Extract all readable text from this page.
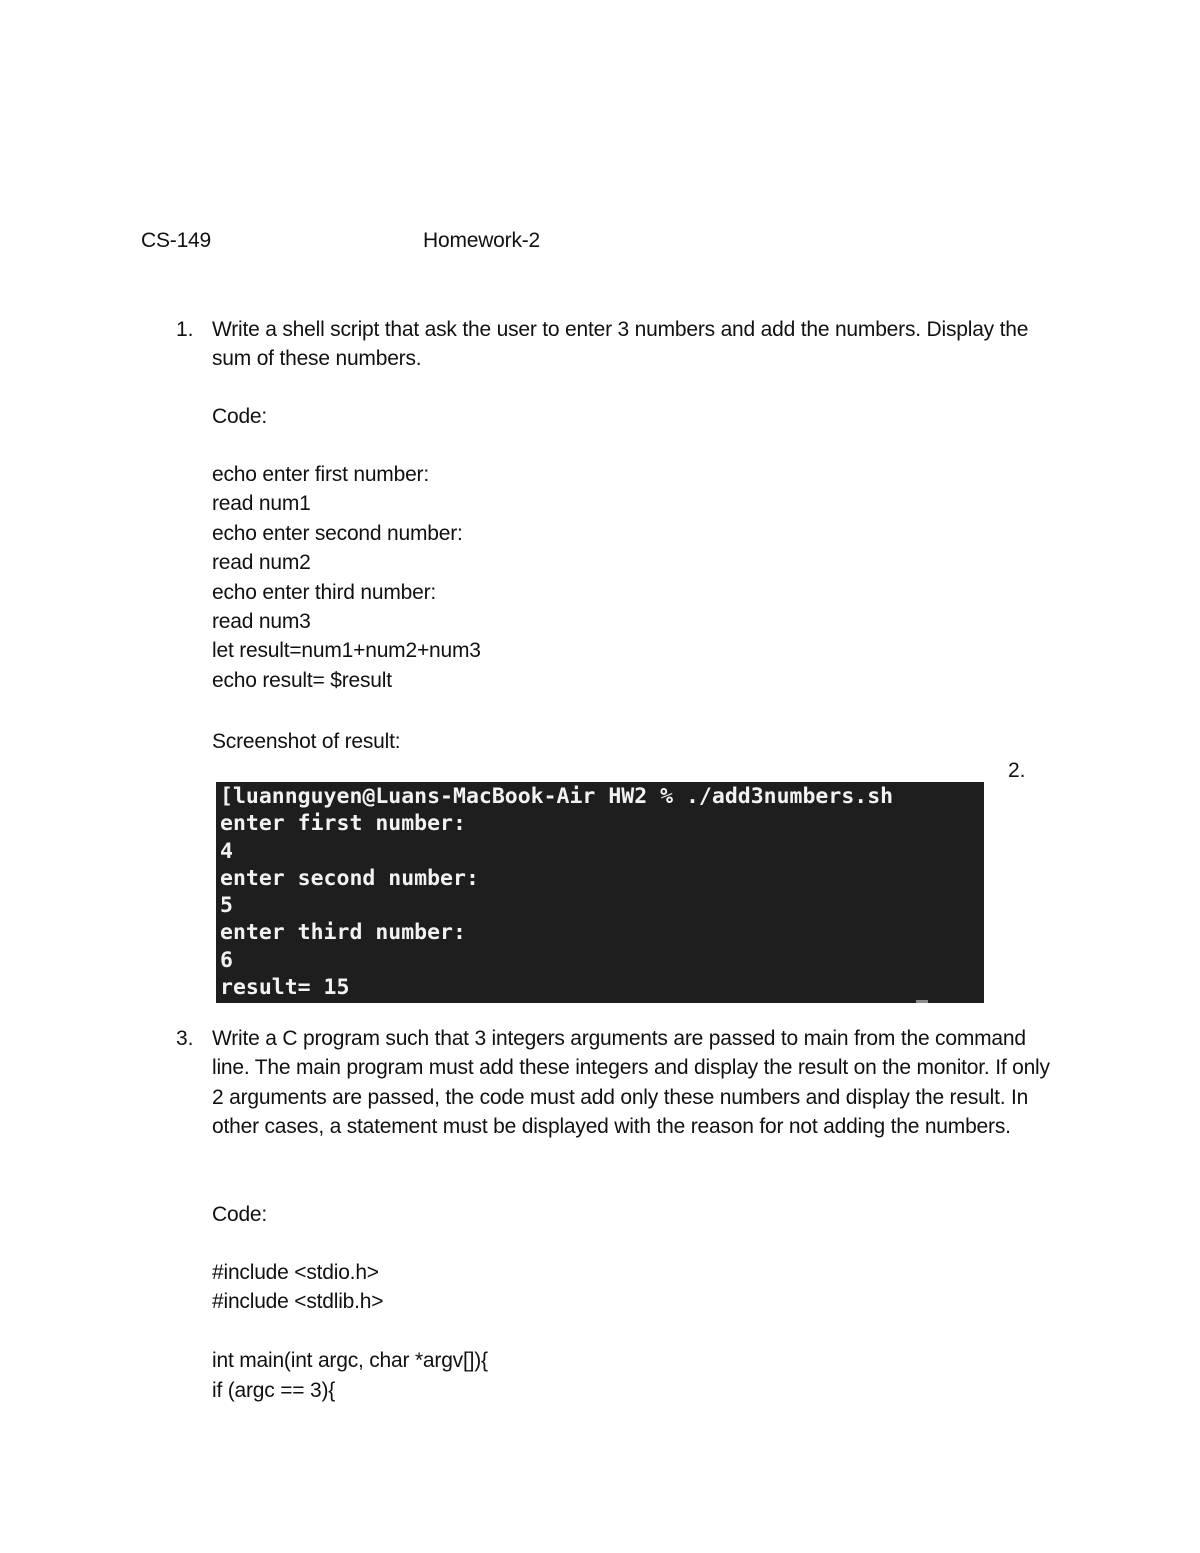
CS-149	Homework-2
1. Write a shell script that ask the user to enter 3 numbers and add the numbers. Display the sum of these numbers.
Code:
echo enter first number:
read num1
echo enter second number:
read num2
echo enter third number:
read num3
let result=num1+num2+num3
echo result= $result
Screenshot of result:
2.
[luannguyen@Luans-MacBook-Air HW2 % ./add3numbers.sh
enter first number:
4
enter second number:
5
enter third number:
6
result= 15
3. Write a C program such that 3 integers arguments are passed to main from the command line. The main program must add these integers and display the result on the monitor. If only 2 arguments are passed, the code must add only these numbers and display the result. In other cases, a statement must be displayed with the reason for not adding the numbers.
Code:
#include <stdio.h>
#include <stdlib.h>
int main(int argc, char *argv[]){
if (argc == 3){
